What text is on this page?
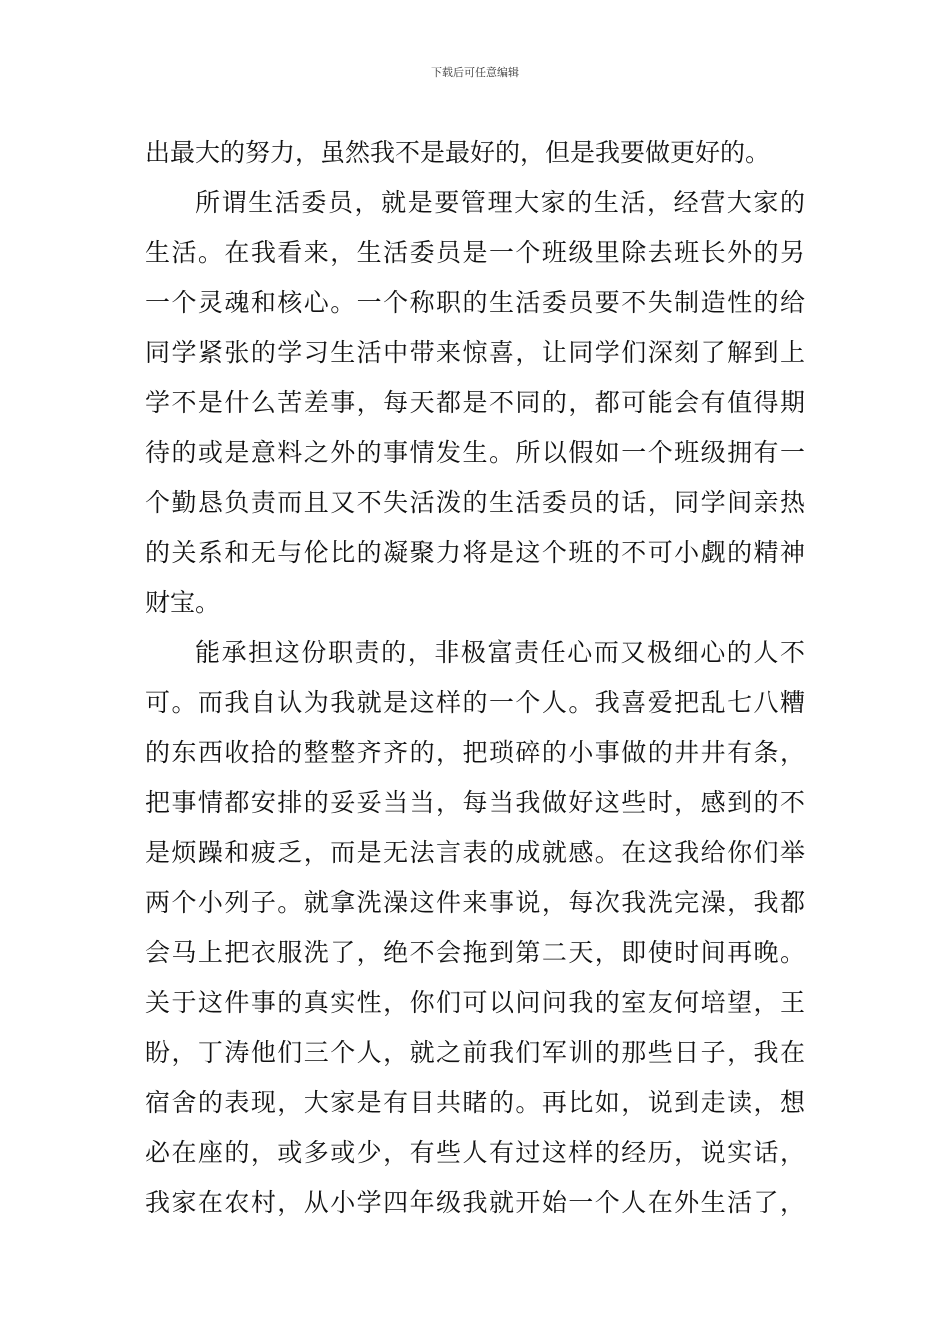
下载后可任意编辑
出最大的努力，虽然我不是最好的，但是我要做更好的。
所谓生活委员，就是要管理大家的生活，经营大家的
生活。在我看来，生活委员是一个班级里除去班长外的另
一个灵魂和核心。一个称职的生活委员要不失制造性的给
同学紧张的学习生活中带来惊喜，让同学们深刻了解到上
学不是什么苦差事，每天都是不同的，都可能会有值得期
待的或是意料之外的事情发生。所以假如一个班级拥有一
个勤恳负责而且又不失活泼的生活委员的话，同学间亲热
的关系和无与伦比的凝聚力将是这个班的不可小觑的精神
财宝。
能承担这份职责的，非极富责任心而又极细心的人不
可。而我自认为我就是这样的一个人。我喜爱把乱七八糟
的东西收拾的整整齐齐的，把琐碎的小事做的井井有条，
把事情都安排的妥妥当当，每当我做好这些时，感到的不
是烦躁和疲乏，而是无法言表的成就感。在这我给你们举
两个小列子。就拿洗澡这件来事说，每次我洗完澡，我都
会马上把衣服洗了，绝不会拖到第二天，即使时间再晚。
关于这件事的真实性，你们可以问问我的室友何培望，王
盼，丁涛他们三个人，就之前我们军训的那些日子，我在
宿舍的表现，大家是有目共睹的。再比如，说到走读，想
必在座的，或多或少，有些人有过这样的经历，说实话，
我家在农村，从小学四年级我就开始一个人在外生活了，
